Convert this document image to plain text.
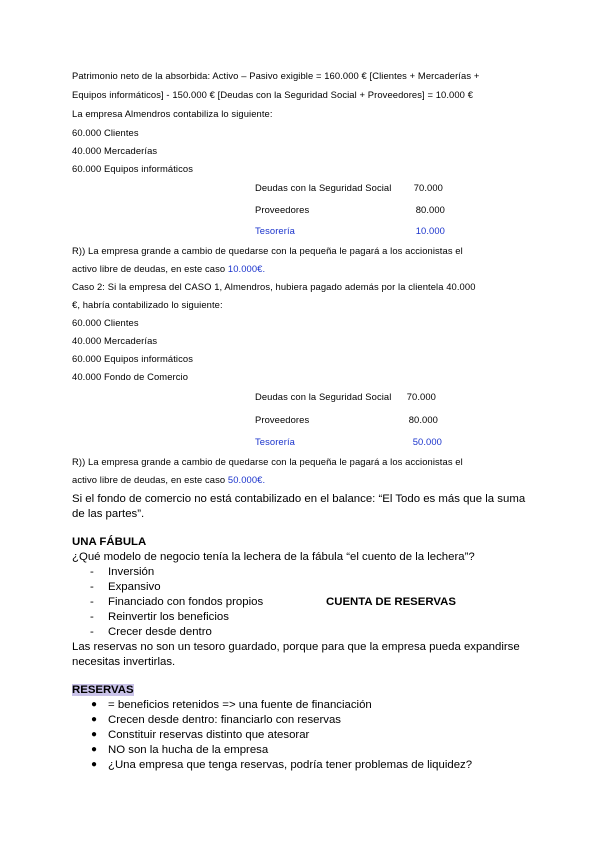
Patrimonio neto de la absorbida: Activo – Pasivo exigible = 160.000 € [Clientes + Mercaderías +
Equipos informáticos] - 150.000 € [Deudas con la Seguridad Social + Proveedores] = 10.000 €
La empresa Almendros contabiliza lo siguiente:
60.000 Clientes
40.000 Mercaderías
60.000 Equipos informáticos
Deudas con la Seguridad Social	70.000
Proveedores	80.000
Tesorería	10.000
R)) La empresa grande a cambio de quedarse con la pequeña le pagará a los accionistas el
activo libre de deudas, en este caso 10.000€.
Caso 2: Si la empresa del CASO 1, Almendros, hubiera pagado además por la clientela 40.000
€, habría contabilizado lo siguiente:
60.000 Clientes
40.000 Mercaderías
60.000 Equipos informáticos
40.000 Fondo de Comercio
Deudas con la Seguridad Social	70.000
Proveedores	80.000
Tesorería	50.000
R)) La empresa grande a cambio de quedarse con la pequeña le pagará a los accionistas el
activo libre de deudas, en este caso 50.000€.
Si el fondo de comercio no está contabilizado en el balance: “El Todo es más que la suma
de las partes”.
UNA FÁBULA
¿Qué modelo de negocio tenía la lechera de la fábula “el cuento de la lechera”?
- Inversión
- Expansivo
- Financiado con fondos propios	CUENTA DE RESERVAS
- Reinvertir los beneficios
- Crecer desde dentro
Las reservas no son un tesoro guardado, porque para que la empresa pueda expandirse
necesitas invertirlas.
RESERVAS
● = beneficios retenidos => una fuente de financiación
● Crecen desde dentro: financiarlo con reservas
● Constituir reservas distinto que atesorar
● NO son la hucha de la empresa
● ¿Una empresa que tenga reservas, podría tener problemas de liquidez?
